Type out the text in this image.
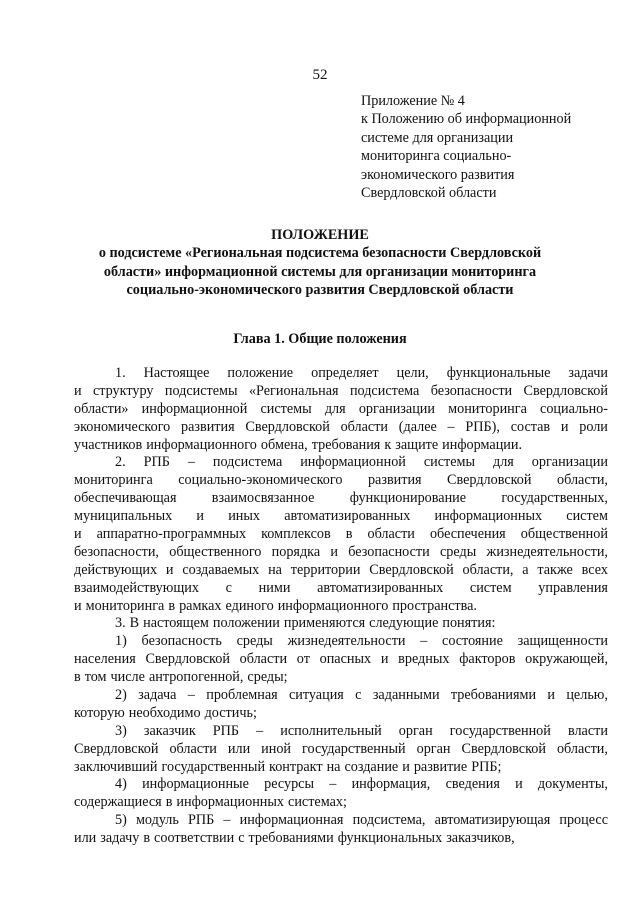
52
Приложение № 4
к Положению об информационной
системе для организации
мониторинга социально-
экономического развития
Свердловской области
ПОЛОЖЕНИЕ
о подсистеме «Региональная подсистема безопасности Свердловской
области» информационной системы для организации мониторинга
социально-экономического развития Свердловской области
Глава 1. Общие положения
1. Настоящее положение определяет цели, функциональные задачи
и структуру подсистемы «Региональная подсистема безопасности Свердловской
области» информационной системы для организации мониторинга социально-
экономического развития Свердловской области (далее – РПБ), состав и роли
участников информационного обмена, требования к защите информации.
2. РПБ – подсистема информационной системы для организации
мониторинга социально-экономического развития Свердловской области,
обеспечивающая взаимосвязанное функционирование государственных,
муниципальных и иных автоматизированных информационных систем
и аппаратно-программных комплексов в области обеспечения общественной
безопасности, общественного порядка и безопасности среды жизнедеятельности,
действующих и создаваемых на территории Свердловской области, а также всех
взаимодействующих с ними автоматизированных систем управления
и мониторинга в рамках единого информационного пространства.
3. В настоящем положении применяются следующие понятия:
1) безопасность среды жизнедеятельности – состояние защищенности
населения Свердловской области от опасных и вредных факторов окружающей,
в том числе антропогенной, среды;
2) задача – проблемная ситуация с заданными требованиями и целью,
которую необходимо достичь;
3) заказчик РПБ – исполнительный орган государственной власти
Свердловской области или иной государственный орган Свердловской области,
заключивший государственный контракт на создание и развитие РПБ;
4) информационные ресурсы – информация, сведения и документы,
содержащиеся в информационных системах;
5) модуль РПБ – информационная подсистема, автоматизирующая процесс
или задачу в соответствии с требованиями функциональных заказчиков,
